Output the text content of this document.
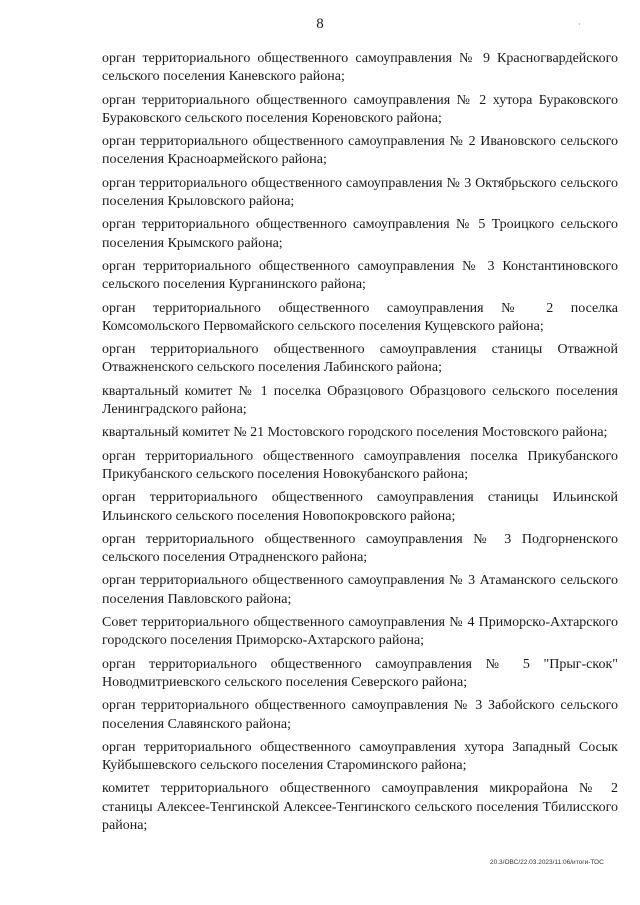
8	·

орган территориального общественного самоуправления № 9 Красногвардейского сельского поселения Каневского района;

орган территориального общественного самоуправления № 2 хутора Бураковского Бураковского сельского поселения Кореновского района;

орган территориального общественного самоуправления № 2 Ивановского сельского поселения Красноармейского района;

орган территориального общественного самоуправления № 3 Октябрьского сельского поселения Крыловского района;

орган территориального общественного самоуправления № 5 Троицкого сельского поселения Крымского района;

орган территориального общественного самоуправления № 3 Константиновского сельского поселения Курганинского района;

орган территориального общественного самоуправления № 2 поселка Комсомольского Первомайского сельского поселения Кущевского района;

орган территориального общественного самоуправления станицы Отважной Отважненского сельского поселения Лабинского района;

квартальный комитет № 1 поселка Образцового Образцового сельского поселения Ленинградского района;

квартальный комитет № 21 Мостовского городского поселения Мостовского района;

орган территориального общественного самоуправления поселка Прикубанского Прикубанского сельского поселения Новокубанского района;

орган территориального общественного самоуправления станицы Ильинской Ильинского сельского поселения Новопокровского района;

орган территориального общественного самоуправления № 3 Подгорненского сельского поселения Отрадненского района;

орган территориального общественного самоуправления № 3 Атаманского сельского поселения Павловского района;

Совет территориального общественного самоуправления № 4 Приморско-Ахтарского городского поселения Приморско-Ахтарского района;

орган территориального общественного самоуправления № 5 "Прыг-скок" Новодмитриевского сельского поселения Северского района;

орган территориального общественного самоуправления № 3 Забойского сельского поселения Славянского района;

орган территориального общественного самоуправления хутора Западный Сосык Куйбышевского сельского поселения Староминского района;

комитет территориального общественного самоуправления микрорайона № 2 станицы Алексее-Тенгинской Алексее-Тенгинского сельского поселения Тбилисского района;

20.3/ОВС/22.03.2023/11:06/итоги-ТОС
